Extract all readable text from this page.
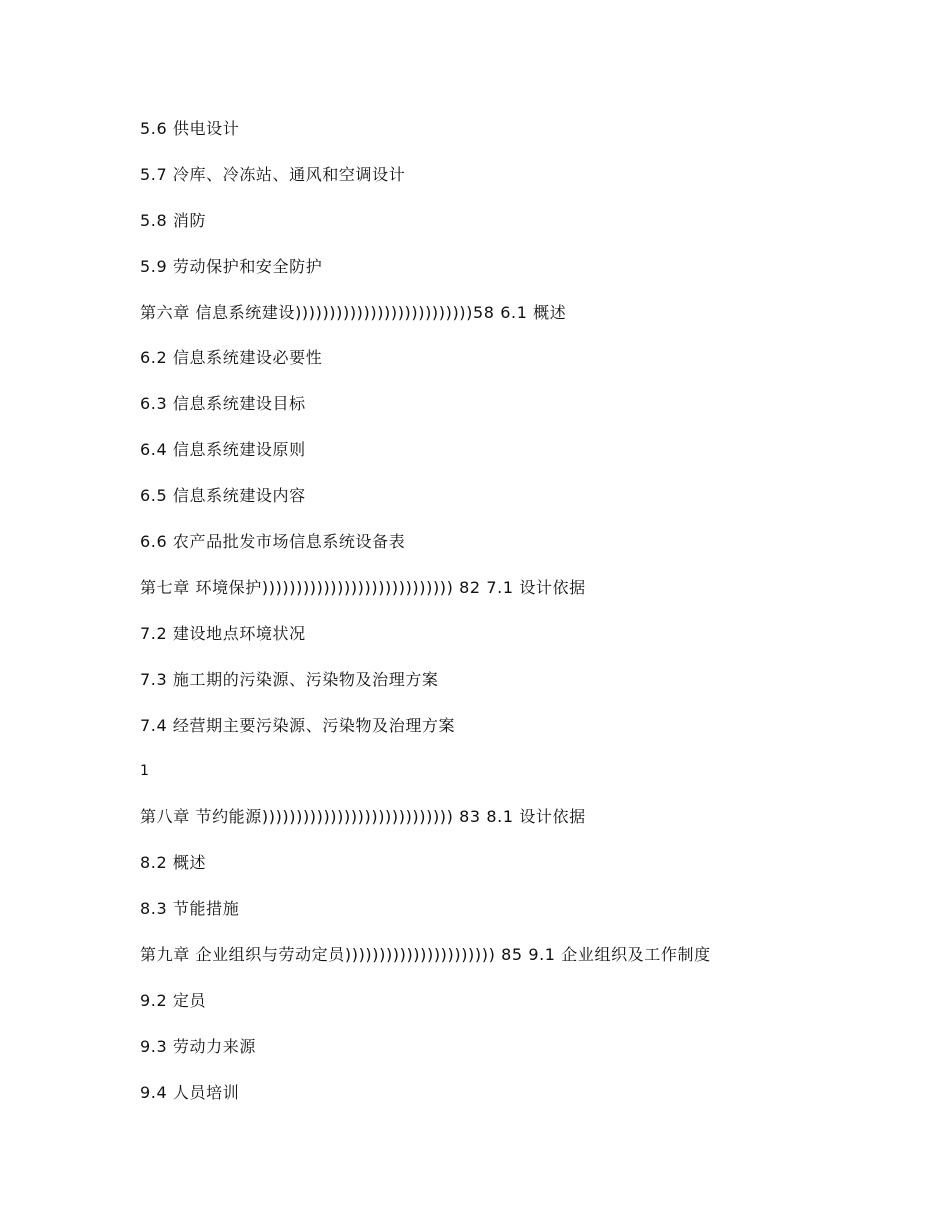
5.6 供电设计
5.7 冷库、冷冻站、通风和空调设计
5.8 消防
5.9 劳动保护和安全防护
第六章 信息系统建设))))))))))))))))))))))))))58 6.1 概述
6.2 信息系统建设必要性
6.3 信息系统建设目标
6.4 信息系统建设原则
6.5 信息系统建设内容
6.6 农产品批发市场信息系统设备表
第七章 环境保护)))))))))))))))))))))))))))) 82 7.1 设计依据
7.2 建设地点环境状况
7.3 施工期的污染源、污染物及治理方案
7.4 经营期主要污染源、污染物及治理方案
1
第八章 节约能源)))))))))))))))))))))))))))) 83 8.1 设计依据
8.2 概述
8.3 节能措施
第九章 企业组织与劳动定员)))))))))))))))))))))) 85 9.1 企业组织及工作制度
9.2 定员
9.3 劳动力来源
9.4 人员培训
